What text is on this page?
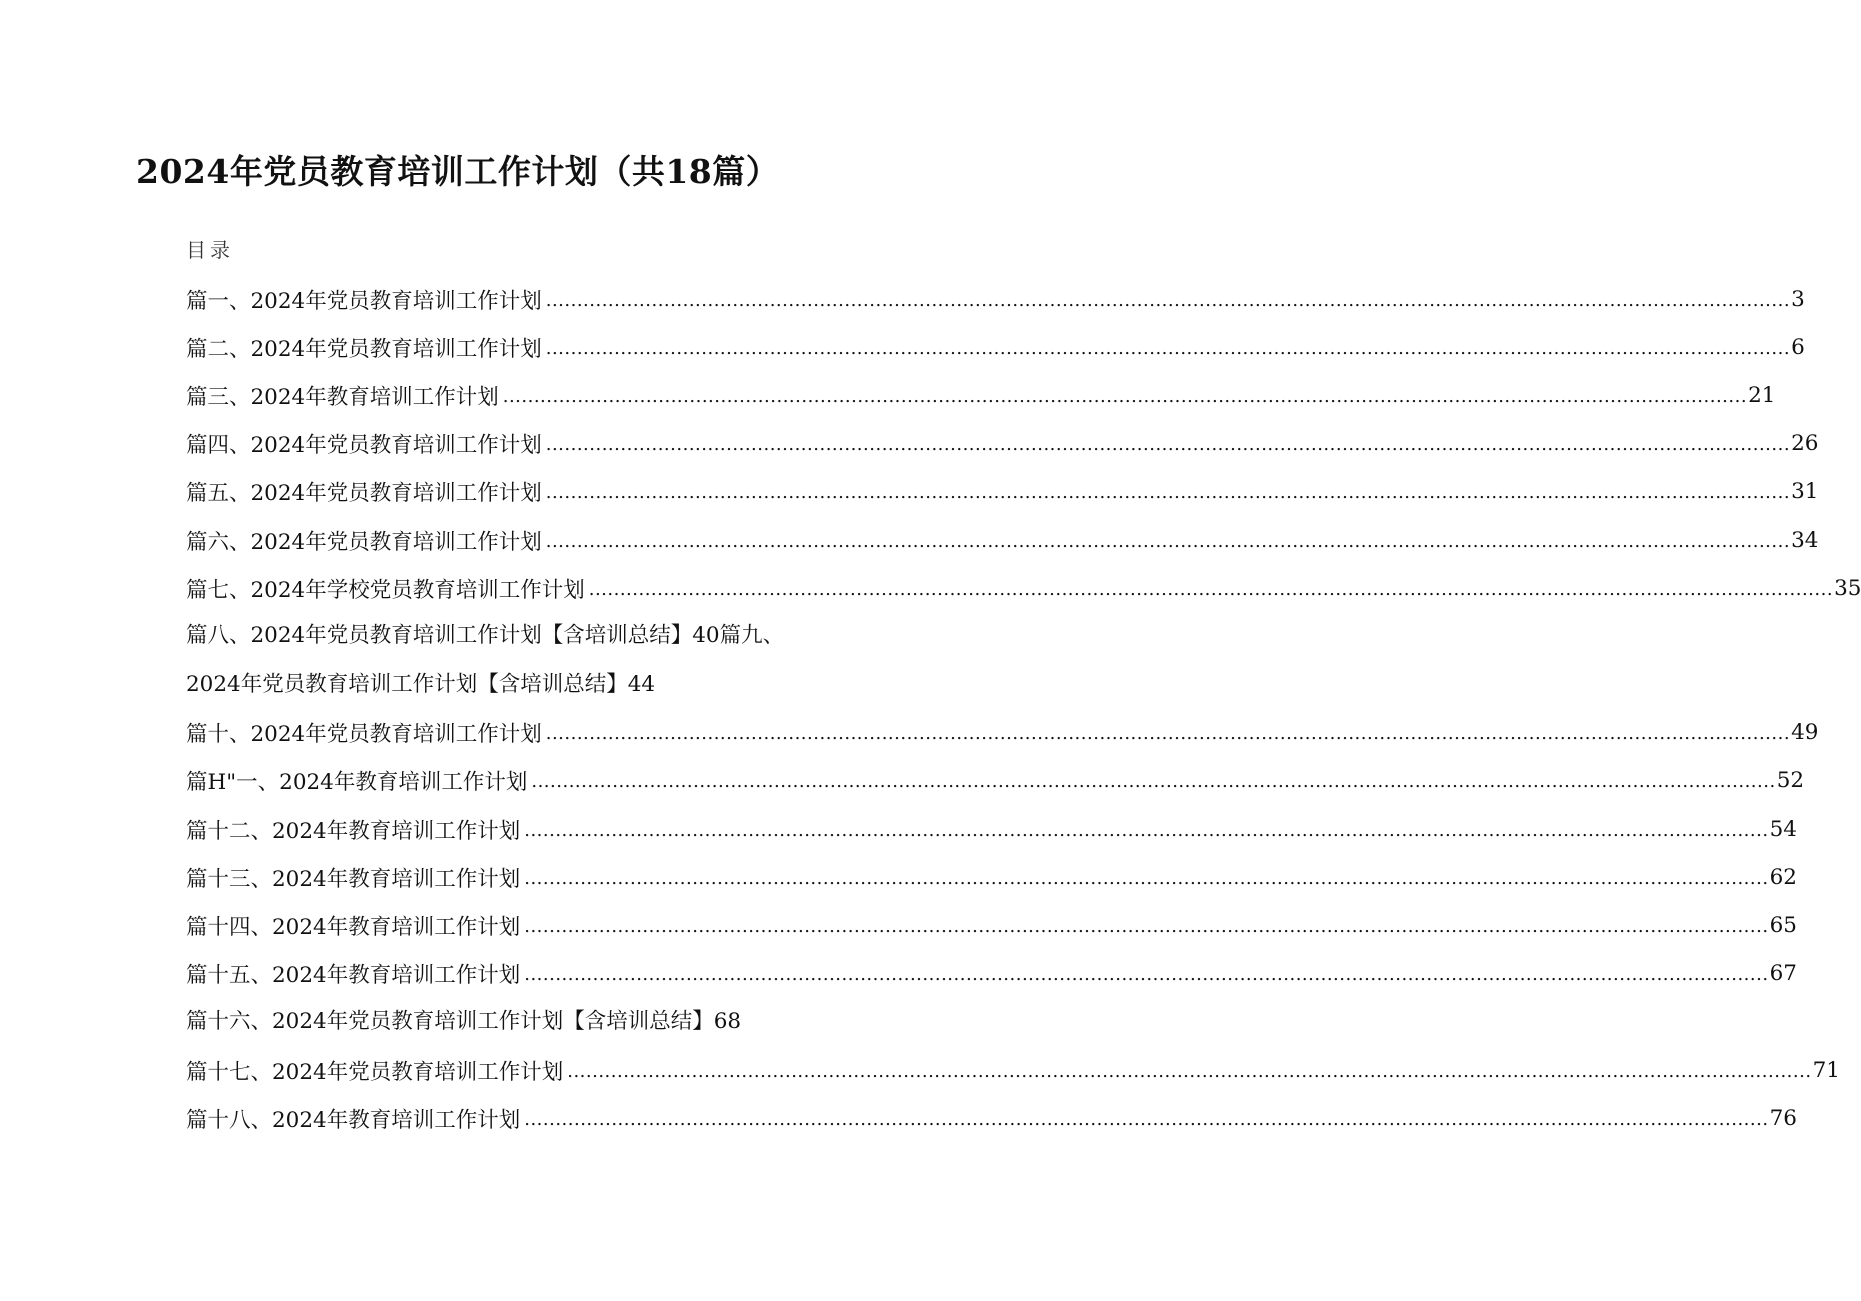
2024年党员教育培训工作计划（共18篇）
目录
篇一、2024年党员教育培训工作计划 ........................................................................................................................................................................................................ 3
篇二、2024年党员教育培训工作计划 ........................................................................................................................................................................................................ 6
篇三、2024年教育培训工作计划 ........................................................................................................................................................................................................ 21
篇四、2024年党员教育培训工作计划 ........................................................................................................................................................................................................ 26
篇五、2024年党员教育培训工作计划 ........................................................................................................................................................................................................ 31
篇六、2024年党员教育培训工作计划 ........................................................................................................................................................................................................ 34
篇七、2024年学校党员教育培训工作计划 ........................................................................................................................................................................................................ 35
篇八、2024年党员教育培训工作计划【含培训总结】40篇九、
2024年党员教育培训工作计划【含培训总结】44
篇十、2024年党员教育培训工作计划 ........................................................................................................................................................................................................ 49
篇H"一、2024年教育培训工作计划 ........................................................................................................................................................................................................ 52
篇十二、2024年教育培训工作计划 ........................................................................................................................................................................................................ 54
篇十三、2024年教育培训工作计划 ........................................................................................................................................................................................................ 62
篇十四、2024年教育培训工作计划 ........................................................................................................................................................................................................ 65
篇十五、2024年教育培训工作计划 ........................................................................................................................................................................................................ 67
篇十六、2024年党员教育培训工作计划【含培训总结】68
篇十七、2024年党员教育培训工作计划 ........................................................................................................................................................................................................ 71
篇十八、2024年教育培训工作计划 ........................................................................................................................................................................................................ 76
